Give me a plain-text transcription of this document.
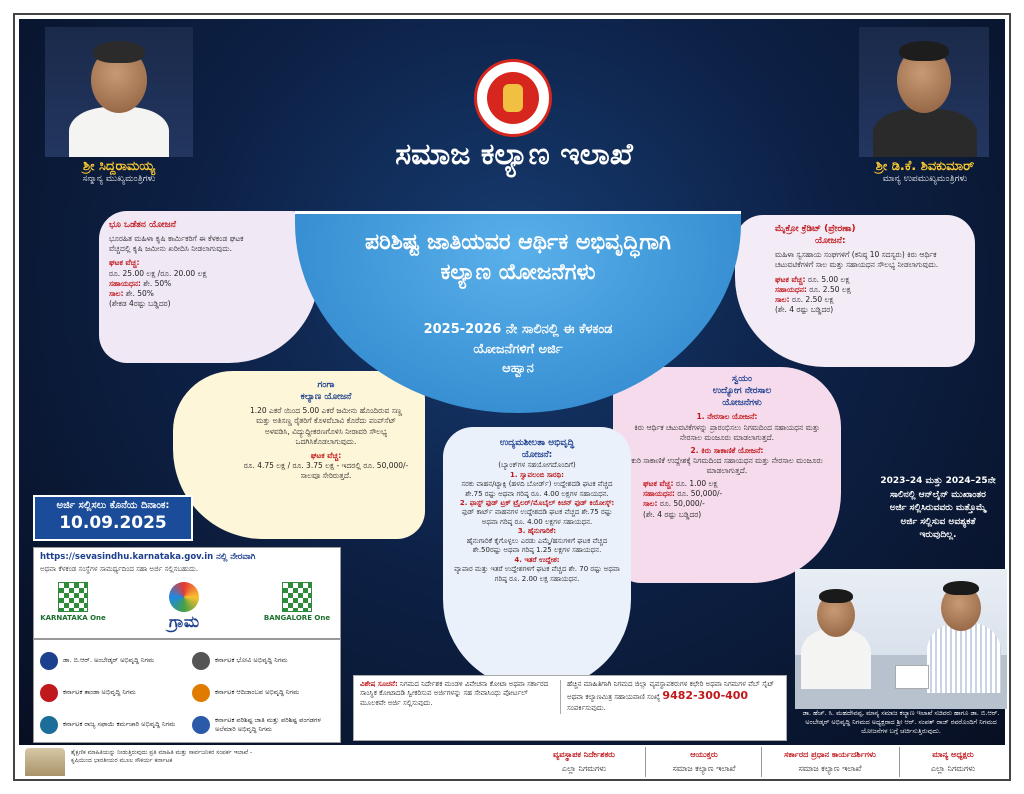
ಶ್ರೀ ಸಿದ್ದರಾಮಯ್ಯ
ಸನ್ಮಾನ್ಯ ಮುಖ್ಯಮಂತ್ರಿಗಳು
ಕರ್ನಾಟಕ
ಸರ್ಕಾರ
ಸಮಾಜ ಕಲ್ಯಾಣ ಇಲಾಖೆ	ಶ್ರೀ ಡಿ.ಕೆ. ಶಿವಕುಮಾರ್
ಮಾನ್ಯ ಉಪಮುಖ್ಯಮಂತ್ರಿಗಳು
ಭೂ ಒಡೆತನ ಯೋಜನೆ
ಭೂರಹಿತ ಮಹಿಳಾ ಕೃಷಿ ಕಾರ್ಮಿಕರಿಗೆ ಈ ಕೆಳಕಂಡ ಘಟಕ ವೆಚ್ಚದಲ್ಲಿ ಕೃಷಿ ಜಮೀನು ಖರೀದಿಸಿ ನೀಡಲಾಗುವುದು.
ಘಟಕ ವೆಚ್ಚ:
ರೂ. 25.00 ಲಕ್ಷ /ರೂ. 20.00 ಲಕ್ಷ
ಸಹಾಯಧನ: ಶೇ. 50%
ಸಾಲ: ಶೇ. 50%
(ಶೇಕಡ 4ರಷ್ಟು ಬಡ್ಡಿದರ)
ಗಂಗಾ
ಕಲ್ಯಾಣ ಯೋಜನೆ
1.20 ಎಕರೆ ಯಿಂದ 5.00 ಎಕರೆ ಜಮೀನು ಹೊಂದಿರುವ ಸಣ್ಣ ಮತ್ತು ಅತಿಸಣ್ಣ ರೈತರಿಗೆ ಕೊಳವೆಬಾವಿ ಕೊರೆದು ಪಂಪ್‌ಸೆಟ್ ಅಳವಡಿಸಿ, ವಿದ್ಯುದ್ದೀಕರಣಗೊಳಿಸಿ ನೀರಾವರಿ ಸೌಲಭ್ಯ ಒದಗಿಸಿಕೊಡಲಾಗುವುದು.
ಘಟಕ ವೆಚ್ಚ:
ರೂ. 4.75 ಲಕ್ಷ / ರೂ. 3.75 ಲಕ್ಷ - ಇದರಲ್ಲಿ ರೂ. 50,000/- ಸಾಲವೂ ಸೇರಿರುತ್ತದೆ.
ಮೈಕ್ರೋ ಕ್ರೆಡಿಟ್ (ಪ್ರೇರಣಾ)
ಯೋಜನೆ:
ಮಹಿಳಾ ಸ್ವಸಹಾಯ ಸಂಘಗಳಿಗೆ (ಕನಿಷ್ಠ 10 ಸದಸ್ಯರು) ಕಿರು ಆರ್ಥಿಕ ಚಟುವಟಿಕೆಗಳಿಗೆ ಸಾಲ ಮತ್ತು ಸಹಾಯಧನ ಸೌಲಭ್ಯ ನೀಡಲಾಗುವುದು.
ಘಟಕ ವೆಚ್ಚ: ರೂ. 5.00 ಲಕ್ಷ
ಸಹಾಯಧನ: ರೂ. 2.50 ಲಕ್ಷ
ಸಾಲ: ರೂ. 2.50 ಲಕ್ಷ
(ಶೇ. 4 ರಷ್ಟು ಬಡ್ಡಿದರ)
ಸ್ವಯಂ
ಉದ್ಯೋಗ ನೇರಸಾಲ
ಯೋಜನೆಗಳು
1. ನೇರಸಾಲ ಯೋಜನೆ:
ಕಿರು ಆರ್ಥಿಕ ಚಟುವಟಿಕೆಗಳನ್ನು ಪ್ರಾರಂಭಿಸಲು ನಿಗಮದಿಂದ ಸಹಾಯಧನ ಮತ್ತು ನೇರಸಾಲ ಮಂಜೂರು ಮಾಡಲಾಗುತ್ತದೆ.
2. ಕಿರು ಸಾಕಾಣಿಕೆ ಯೋಜನೆ:
ಕುರಿ ಸಾಕಾಣಿಕೆ ಉದ್ದೇಶಕ್ಕೆ ನಿಗಮದಿಂದ ಸಹಾಯಧನ ಮತ್ತು ನೇರಸಾಲ ಮಂಜೂರು ಮಾಡಲಾಗುತ್ತದೆ.
ಘಟಕ ವೆಚ್ಚ: ರೂ. 1.00 ಲಕ್ಷ
ಸಹಾಯಧನ: ರೂ. 50,000/-
ಸಾಲ: ರೂ. 50,000/-
(ಶೇ. 4 ರಷ್ಟು ಬಡ್ಡಿದರ)
ಉದ್ಯಮಶೀಲತಾ ಅಭಿವೃದ್ಧಿ
ಯೋಜನೆ:
(ಬ್ಯಾಂಕ್‌ಗಳ ಸಹಯೋಗದೊಂದಿಗೆ)
1. ಸ್ವಾವಲಂಬಿ ಸಾರಥಿ:
ಸರಕು ವಾಹನ/ಟ್ಯಾಕ್ಸಿ (ಹಳದಿ ಬೋರ್ಡ್) ಉದ್ದೇಶದಡಿ ಘಟಕ ವೆಚ್ಚದ ಶೇ.75 ರಷ್ಟು ಅಥವಾ ಗರಿಷ್ಠ ರೂ. 4.00 ಲಕ್ಷಗಳ ಸಹಾಯಧನ.
2. ಫಾಸ್ಟ್ ಫುಡ್ ಟ್ರಕ್ ಟ್ರೈಲರ್/ಮೊಬೈಲ್ ಕಿಚನ್ ಫುಡ್ ಕಿಯೋಸ್ಕ್:
ಫುಡ್ ಕಾರ್ಟ್ ವಾಹನಗಳ ಉದ್ದೇಶದಡಿ ಘಟಕ ವೆಚ್ಚದ ಶೇ.75 ರಷ್ಟು ಅಥವಾ ಗರಿಷ್ಠ ರೂ. 4.00 ಲಕ್ಷಗಳ ಸಹಾಯಧನ.
3. ಹೈನುಗಾರಿಕೆ:
ಹೈನುಗಾರಿಕೆ ಕೈಗೊಳ್ಳಲು ಎರಡು ಎಮ್ಮೆ/ಹಸುಗಳಿಗೆ ಘಟಕ ವೆಚ್ಚದ ಶೇ.50ರಷ್ಟು ಅಥವಾ ಗರಿಷ್ಠ 1.25 ಲಕ್ಷಗಳ ಸಹಾಯಧನ.
4. ಇತರೆ ಉದ್ದೇಶ:
ವ್ಯಾಪಾರ ಮತ್ತು ಇತರೆ ಉದ್ದೇಶಗಳಿಗೆ ಘಟಕ ವೆಚ್ಚದ ಶೇ. 70 ರಷ್ಟು ಅಥವಾ ಗರಿಷ್ಠ ರೂ. 2.00 ಲಕ್ಷ ಸಹಾಯಧನ.
ಪರಿಶಿಷ್ಟ ಜಾತಿಯವರ ಆರ್ಥಿಕ ಅಭಿವೃದ್ಧಿಗಾಗಿ
ಕಲ್ಯಾಣ ಯೋಜನೆಗಳು
2025-2026 ನೇ ಸಾಲಿನಲ್ಲಿ ಈ ಕೆಳಕಂಡ
ಯೋಜನೆಗಳಿಗೆ ಅರ್ಜಿ
ಆಹ್ವಾನ
ಅರ್ಜಿ ಸಲ್ಲಿಸಲು ಕೊನೆಯ ದಿನಾಂಕ:
10.09.2025
https://sevasindhu.karnataka.gov.in ನಲ್ಲಿ ನೇರವಾಗಿ
ಅಥವಾ ಕೆಳಕಂಡ ಸಂಸ್ಥೆಗಳ ಸಾಮರ್ಥ್ಯದಿಂದ ಸಹಾ ಅರ್ಜಿ ಸಲ್ಲಿಸಬಹುದು.
KARNATAKA One	ಗ್ರಾಮ	BANGALORE One
ಡಾ. ಬಿ.ಆರ್. ಅಂಬೇಡ್ಕರ್ ಅಭಿವೃದ್ಧಿ ನಿಗಮ	ಕರ್ನಾಟಕ ಭೋವಿ ಅಭಿವೃದ್ಧಿ ನಿಗಮ
ಕರ್ನಾಟಕ ತಾಂಡಾ ಅಭಿವೃದ್ಧಿ ನಿಗಮ	ಕರ್ನಾಟಕ ಆದಿಜಾಂಬವ ಅಭಿವೃದ್ಧಿ ನಿಗಮ
ಕರ್ನಾಟಕ ರಾಜ್ಯ ಸಫಾಯಿ ಕರ್ಮಚಾರಿ ಅಭಿವೃದ್ಧಿ ನಿಗಮ
ಕರ್ನಾಟಕ ಪರಿಶಿಷ್ಟ ಜಾತಿ ಮತ್ತು ಪರಿಶಿಷ್ಟ ಪಂಗಡಗಳ ಅಲೆಮಾರಿ ಅಭಿವೃದ್ಧಿ ನಿಗಮ
2023–24 ಮತ್ತು 2024–25ನೇ
ಸಾಲಿನಲ್ಲಿ ಆನ್‌ಲೈನ್ ಮುಖಾಂತರ
ಅರ್ಜಿ ಸಲ್ಲಿಸಿರುವವರು ಮತ್ತೊಮ್ಮೆ
ಅರ್ಜಿ ಸಲ್ಲಿಸುವ ಅವಶ್ಯಕತೆ
ಇರುವುದಿಲ್ಲ.
ಡಾ. ಹೆಚ್. ಸಿ. ಮಹದೇವಪ್ಪ, ಮಾನ್ಯ ಸಮಾಜ ಕಲ್ಯಾಣ ಇಲಾಖೆ ಸಚಿವರು ಹಾಗೂ ಡಾ. ಬಿ.ಆರ್. ಅಂಬೇಡ್ಕರ್ ಅಭಿವೃದ್ಧಿ ನಿಗಮದ ಅಧ್ಯಕ್ಷರಾದ ಶ್ರೀ ಆರ್. ಸಂಪತ್ ರಾಜ್ ರವರೊಂದಿಗೆ ನಿಗಮದ ಯೋಜನೆಗಳ ಬಗ್ಗೆ ಚರ್ಚಿಸುತ್ತಿರುವುದು.
ವಿಶೇಷ ಸೂಚನೆ: ನಿಗಮದ ನಿರ್ದೇಶಕ ಮಂಡಳಿ ವಿವೇಚನಾ ಕೋಟಾ ಅಥವಾ ಸರ್ಕಾರದ ಸಾಂಸ್ಥಿಕ ಕೋಟಾದಡಿ ಸ್ವೀಕರಿಸುವ ಅರ್ಜಿಗಳನ್ನು ಸಹ ಸೇವಾಸಿಂಧು ಪೋರ್ಟಲ್ ಮೂಲಕವೇ ಅರ್ಜಿ ಸಲ್ಲಿಸುವುದು.
ಹೆಚ್ಚಿನ ಮಾಹಿತಿಗಾಗಿ ನಿಗಮದ ಜಿಲ್ಲಾ ವ್ಯವಸ್ಥಾಪಕರುಗಳ ಕಛೇರಿ ಅಥವಾ ನಿಗಮಗಳ ವೆಬ್ ಸೈಟ್ ಅಥವಾ ಕಲ್ಯಾಣಮಿತ್ರ ಸಹಾಯವಾಣಿ ಸಂಖ್ಯೆ 9482-300-400 ಸಂಪರ್ಕಿಸುವುದು.
ಶೈಕ್ಷಣಿಕ ಮಾಹಿತಿಯನ್ನು ನೀಡುತ್ತಿರುವುದು ಪ್ರತಿ ಮಾಹಿತಿ ಮತ್ತು ಸಾರ್ವಜನಿಕರ ಸಂಪರ್ಕ ಇಲಾಖೆ - ಕೃಷಿಯಿಂದ ಭಾರತೀಯರ ಮೂಲ ಸೌಕರ್ಯ ಕರ್ನಾಟಕ
ವ್ಯವಸ್ಥಾಪಕ ನಿರ್ದೇಶಕರು
ಎಲ್ಲಾ ನಿಗಮಗಳು
ಆಯುಕ್ತರು
ಸಮಾಜ ಕಲ್ಯಾಣ ಇಲಾಖೆ
ಸರ್ಕಾರದ ಪ್ರಧಾನ ಕಾರ್ಯದರ್ಶಿಗಳು
ಸಮಾಜ ಕಲ್ಯಾಣ ಇಲಾಖೆ
ಮಾನ್ಯ ಅಧ್ಯಕ್ಷರು
ಎಲ್ಲಾ ನಿಗಮಗಳು
